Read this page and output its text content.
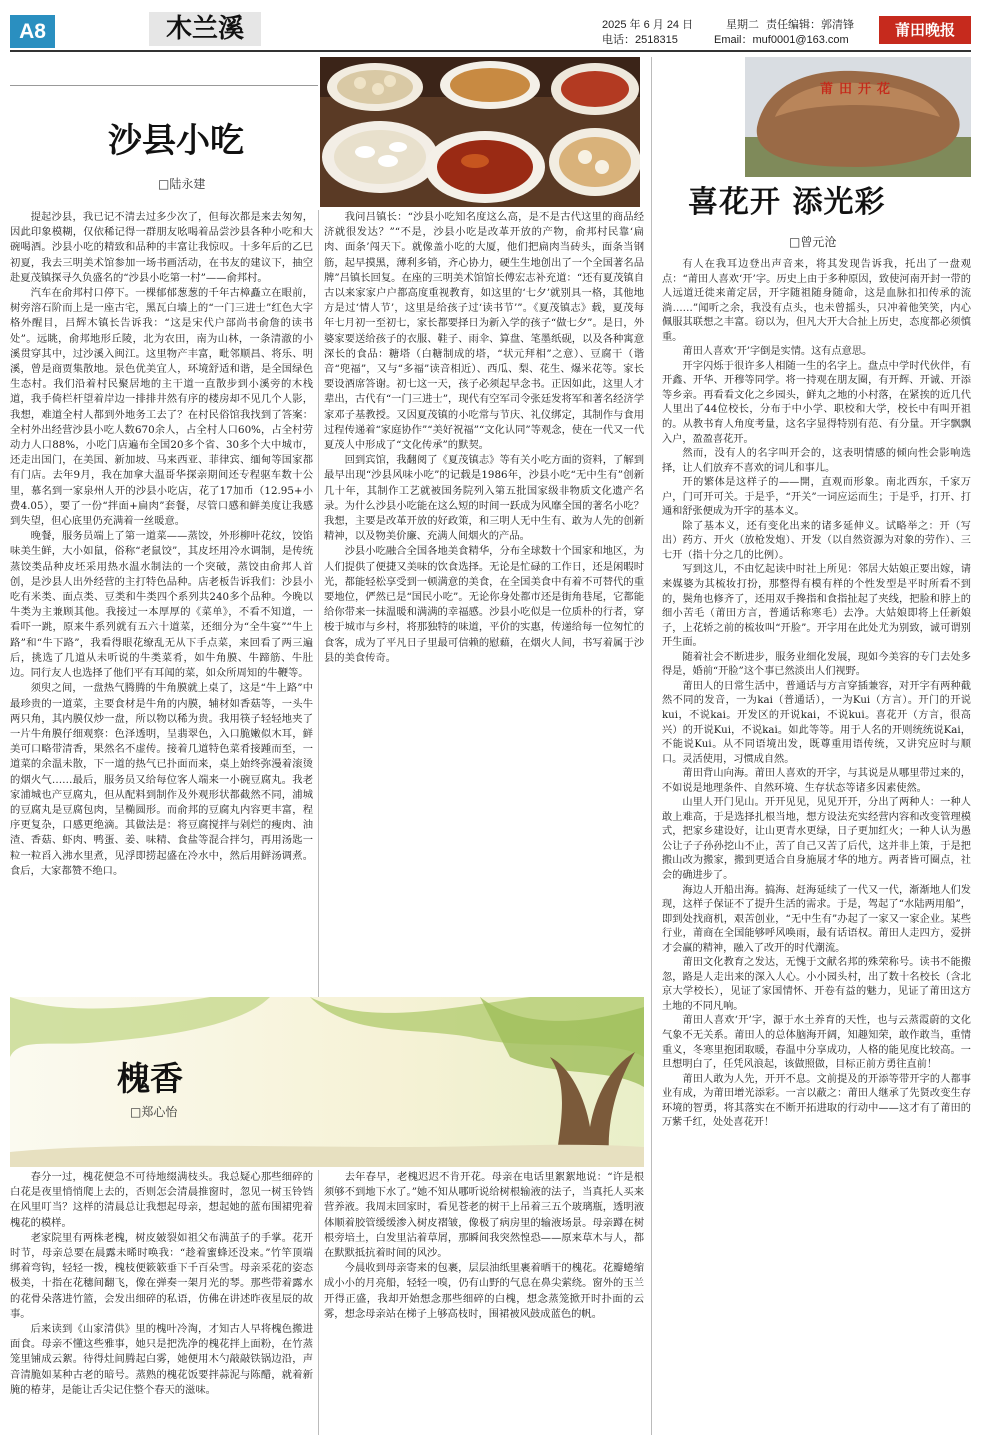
A8	木兰溪	2025 年 6 月 24 日	星期二 责任编辑：郭清锋
电话：2518315	Email：muf0001@163.com
莆田晚报
沙县小吃
□陆永建

提起沙县，我已记不清去过多少次了，但每次都是来去匆匆，因此印象模糊，仅依稀记得一群朋友吆喝着品尝沙县各种小吃和大碗喝酒。沙县小吃的精致和品种的丰富让我惊叹。十多年后的乙巳初夏，我去三明美术馆参加一场书画活动，在书友的建议下，抽空赴夏茂镇探寻久负盛名的“沙县小吃第一村”——俞邦村。

汽车在俞邦村口停下。一棵郁郁葱葱的千年古樟矗立在眼前，树旁溶石阶而上是一座古宅，黑瓦白墙上的“一门三进士”红色大字格外醒目，吕辉木镇长告诉我：“这是宋代户部尚书俞詹的读书处”。远眺，俞邦地形丘陵，北为农田，南为山林，一条清澈的小溪贯穿其中，过沙溪入闽江。这里物产丰富，毗邻顺昌、将乐、明溪，曾是商贾集散地。景色优美宜人，环境舒适和谐，是全国绿色生态村。我们沿着村民聚居地的主干道一直散步到小溪旁的木栈道，我手倚栏杆望着岸边一排排井然有序的楼房却不见几个人影，我想，难道全村人都到外地务工去了？在村民俗馆我找到了答案：全村外出经营沙县小吃人数670余人，占全村人口60%，占全村劳动力人口88%，小吃门店遍布全国20多个省、30多个大中城市，还走出国门，在美国、新加坡、马来西亚、菲律宾、缅甸等国家都有门店。去年9月，我在加拿大温哥华探亲期间还专程驱车数十公里，慕名到一家泉州人开的沙县小吃店，花了17加币（12.95+小费4.05），要了一份“拌面+扁肉”套餐，尽管口感和鲜美度让我感到失望，但心底里仍充满着一丝暖意。

晚餐，服务员端上了第一道菜——蒸饺，外形柳叶花纹，饺馅味美生鲜，大小如鼠，俗称“老鼠饺”，其皮坯用冷水调制，是传统蒸饺类品种皮坯采用热水温水制法的一个突破，蒸饺由俞邦人首创，是沙县人出外经营的主打特色品种。店老板告诉我们：沙县小吃有米类、面点类、豆类和牛类四个系列共240多个品种。今晚以牛类为主兼顾其他。我接过一本厚厚的《菜单》，不看不知道，一看吓一跳，原来牛系列就有五六十道菜，还细分为“全牛宴”“牛上路”和“牛下路”，我看得眼花缭乱无从下手点菜，来回看了两三遍后，挑选了几道从未听说的牛类菜肴，如牛角膜、牛蹄筋、牛肚边。同行友人也选择了他们平有耳闻的菜，如众所周知的牛鞭等。

须臾之间，一盘热气腾腾的牛角膜就上桌了，这是“牛上路”中最珍贵的一道菜，主要食材是牛角的内膜，辅材如香菇等，一头牛两只角，其内膜仅炒一盘，所以物以稀为贵。我用筷子轻轻地夹了一片牛角膜仔细观察：色泽透明，呈翡翠色，入口脆嫩似木耳，鲜美可口略带清香，果然名不虚传。接着几道特色菜肴接踵而至，一道菜的余温未散，下一道的热气已扑面而来，桌上始终弥漫着滚烫的烟火气……最后，服务员又给每位客人端来一小碗豆腐丸。我老家浦城也产豆腐丸，但从配料到制作及外观形状都截然不同，浦城的豆腐丸是豆腐包肉，呈椭圆形。而俞邦的豆腐丸内容更丰富，程序更复杂，口感更绝滴。其做法是：将豆腐搅拌与剁烂的瘦肉、油渣、香菇、虾肉、鸭蛋、姜、味精、食盐等混合拌匀，再用汤匙一粒一粒舀入沸水里煮，见浮即捞起盛在冷水中，然后用鲜汤调煮。食后，大家都赞不绝口。

我问吕镇长：“沙县小吃知名度这么高，是不是古代这里的商品经济就很发达？”“不是，沙县小吃是改革开放的产物，俞邦村民靠‘扁肉、面条’闯天下。就像盖小吃的大厦，他们把扁肉当砖头，面条当钢筋，起早摸黑，薄利多销，齐心协力，硬生生地创出了一个全国著名品牌”吕镇长回复。在座的三明美术馆馆长傅宏志补充道：“还有夏茂镇自古以来家家户户都高度重视教育，如这里的‘七夕’就别具一格，其他地方是过‘情人节’，这里是给孩子过‘读书节’”。《夏茂镇志》载，夏茂每年七月初一至初七，家长都要择日为新入学的孩子“做七夕”。是日，外婆家要送给孩子的衣服、鞋子、雨伞、算盘、笔墨纸砚，以及各种寓意深长的食品：糖塔（白糖制成的塔，“状元拜相”之意）、豆腐干（谐音“兜福”，又与“多福”读音相近）、西瓜、梨、花生、爆米花等。家长要设酒席答谢。初七这一天，孩子必须起早念书。正因如此，这里人才辈出，古代有“一门三进士”，现代有空军司令张廷发将军和著名经济学家邓子基教授。又因夏茂镇的小吃常与节庆、礼仪绑定，其制作与食用过程传递着“家庭协作”“美好祝福”“文化认同”等观念，使在一代又一代夏茂人中形成了“文化传承”的默契。

回到宾馆，我翻阅了《夏茂镇志》等有关小吃方面的资料，了解到最早出现“沙县风味小吃”的记载是1986年，沙县小吃“无中生有”创新几十年，其制作工艺就被国务院列入第五批国家级非物质文化遗产名录。为什么沙县小吃能在这么短的时间一跃成为风靡全国的著名小吃？我想，主要是改革开放的好政策，和三明人无中生有、敢为人先的创新精神，以及物美价廉、充满人间烟火的产品。

沙县小吃融合全国各地美食精华，分布全球数十个国家和地区，为人们提供了便捷又美味的饮食选择。无论是忙碌的工作日，还是闲暇时光，都能轻松享受到一顿满意的美食，在全国美食中有着不可替代的重要地位，俨然已是“国民小吃”。无论你身处都市还是街角巷尾，它都能给你带来一抹温暖和满满的幸福感。沙县小吃似是一位质朴的行者，穿梭于城市与乡村，将那独特的味道，平价的实惠，传递给每一位匆忙的食客，成为了平凡日子里最可信赖的慰藉，在烟火人间，书写着属于沙县的美食传奇。

槐香
□郑心怡

春分一过，槐花便急不可待地缀满枝头。我总疑心那些细碎的白花是夜里悄悄爬上去的，否则怎会清晨推窗时，忽见一树玉铃铛在风里叮当？这样的清晨总让我想起母亲，想起她的蓝布围裙兜着槐花的模样。

老家院里有两株老槐，树皮皴裂如祖父布满茧子的手掌。花开时节，母亲总要在晨露未晞时唤我：“趁着蜜蜂还没来。”竹竿顶端绑着弯钩，轻轻一拨，槐枝便簌簌垂下千百朵雪。母亲采花的姿态极美，十指在花穗间翻飞，像在弹奏一架月光的琴。那些带着露水的花骨朵落进竹篮，会发出细碎的私语，仿佛在讲述昨夜星辰的故事。

后来读到《山家清供》里的槐叶冷淘，才知古人早将槐色搬进面食。母亲不懂这些雅事，她只是把洗净的槐花拌上面粉，在竹蒸笼里铺成云絮。待得灶间腾起白雾，她便用木勺敲敲铁锅边沿，声音清脆如某种古老的暗号。蒸熟的槐花饭要拌蒜泥与陈醋，就着新腌的椿芽，是能让舌尖记住整个春天的滋味。

去年春早，老槐迟迟不肯开花。母亲在电话里絮絮地说：“许是根须够不到地下水了。”她不知从哪听说给树根输液的法子，当真托人买来营养液。我周末回家时，看见苍老的树干上吊着三五个玻璃瓶，透明液体顺着胶管缓缓渗入树皮褶皱，像极了病房里的输液场景。母亲蹲在树根旁培土，白发里沾着草屑，那瞬间我突然惶恐——原来草木与人，都在默默抵抗着时间的风沙。

今晨收到母亲寄来的包裹，层层油纸里裹着晒干的槐花。花瓣蜷缩成小小的月亮船，轻轻一嗅，仍有山野的气息在鼻尖萦绕。窗外的玉兰开得正盛，我却开始想念那些细碎的白槐，想念蒸笼掀开时扑面的云雾，想念母亲站在梯子上够高枝时，围裙被风鼓成蓝色的帆。

莆田开花
喜花开 添光彩
□曾元沧

有人在我耳边登出声音来，将其发现告诉我，托出了一盘观点：“莆田人喜欢‘开’字。历史上由于多种原因，致使河南开封一带的人远道迁徙来莆定居，开字随祖随身随命，这是血脉扣扣传承的流淌……”闻听之余，我没有点头，也未曾摇头，只冲着他笑笑，内心佩服其联想之丰富。窃以为，但凡大开大合扯上历史，态度都必须慎重。

莆田人喜欢‘开’字倒是实情。这有点意思。

开字闪烁于很许多人相随一生的名字上。盘点中学时代伙伴，有开鑫、开华、开穆等同学。将一持观在朋友圈，有开辉、开诚、开添等乡亲。再看看文化之乡园头，鲜丸之地的小村落，在紧挨的近几代人里出了44位校长，分布于中小学、职校和大学，校长中有叫开祖的。从教书育人角度考量，这名字显得特别有范、有分量。开字飘飘入户，盈盈喜花开。

然而，没有人的名字叫开会的，这表明情感的倾向性会影响选择，让人们放弃不喜欢的词儿和事儿。

开的繁体是这样子的——開，直观而形象。南北西东，千家万户，门可开可关。于是乎，“开关”一词应运而生；于是乎，打开、打通和舒张便成为开字的基本义。

除了基本义，还有变化出来的诸多延伸义。试略举之：开（写出）药方、开火（放枪发炮）、开发（以自然资源为对象的劳作）、三七开（指十分之几的比例）。

写到这儿，不由忆起读中时社上所见：邻居大姑娘正要出嫁，请来媒婆为其梳妆打扮，那整得有模有样的个性发型是平时所看不到的，鬓角也修齐了，还用双手搀指和食指扯起了夹线，把脸和脖上的细小苦毛（莆田方言，普通话称寒毛）去净。大姑娘即将上任新娘子，上花轿之前的梳妆叫“开脸”。开字用在此处尤为别致，诚可谓别开生面。

随着社会不断进步，服务业细化发展，现如今美容的专门去处多得是，婚前“开脸”这个事已然淡出人们视野。

莆田人的日常生活中，普通话与方言穿插兼容，对开字有两种截然不同的发音，一为kai（普通话），一为Kui（方言）。开门的开说kui，不说kai。开发区的开说kai，不说kui。喜花开（方言，很高兴）的开说Kui，不说kai。如此等等。用于人名的开则统统说Kai，不能说Kui。从不同语境出发，既尊重用语传统，又讲究应时与顺口。灵活使用，习惯成自然。

莆田背山向海。莆田人喜欢的开字，与其说是从哪里带过来的，不如说是地理条件、自然环境、生存状态等诸多因素使然。

山里人开门见山。开开见见，见见开开，分出了两种人：一种人敢上难高，于是选择扎根当地，想方设法充实经营内容和改变管理模式，把家乡建设好，让山更青水更绿，日子更加红火；一种人认为愚公让子子孙孙挖山不止，苦了自己又苦了后代，这并非上策，于是把搬山改为搬家，搬到更适合自身施展才华的地方。两者皆可圈点，社会的确进步了。

海边人开船出海。搞海、赶海延续了一代又一代，渐渐地人们发现，这样子保证不了提升生活的需求。于是，驾起了“水陆两用船”，即到处找商机，艰苦创业，“无中生有”办起了一家又一家企业。某些行业，莆商在全国能够呼风唤雨，最有话语权。莆田人走四方，爱拼才会赢的精神，融入了改开的时代潮流。

莆田文化教育之发达，无愧于文献名邦的殊荣称号。读书不能搬忽，路是人走出来的深入人心。小小园头村，出了数十名校长（含北京大学校长），见证了家国情怀、开卷有益的魅力，见证了莆田这方土地的不同凡响。

莆田人喜欢‘开’字，源于水土养育的天性，也与云蒸霞蔚的文化气象不无关系。莆田人的总体脑海开阔，知趣知荣，敢作敢当，重情重义，冬寒里抱团取暖，春温中分享成功，人格的能见度比较高。一旦想明白了，任凭风浪起，该做照做，目标正前方勇往直前！

莆田人敢为人先，开开不息。文前提及的开添等带开字的人都事业有成，为莆田增光添彩。一言以蔽之：莆田人继承了先贤改变生存环境的智勇，将其落实在不断开拓进取的行动中——这才有了莆田的万紫千红，处处喜花开！
